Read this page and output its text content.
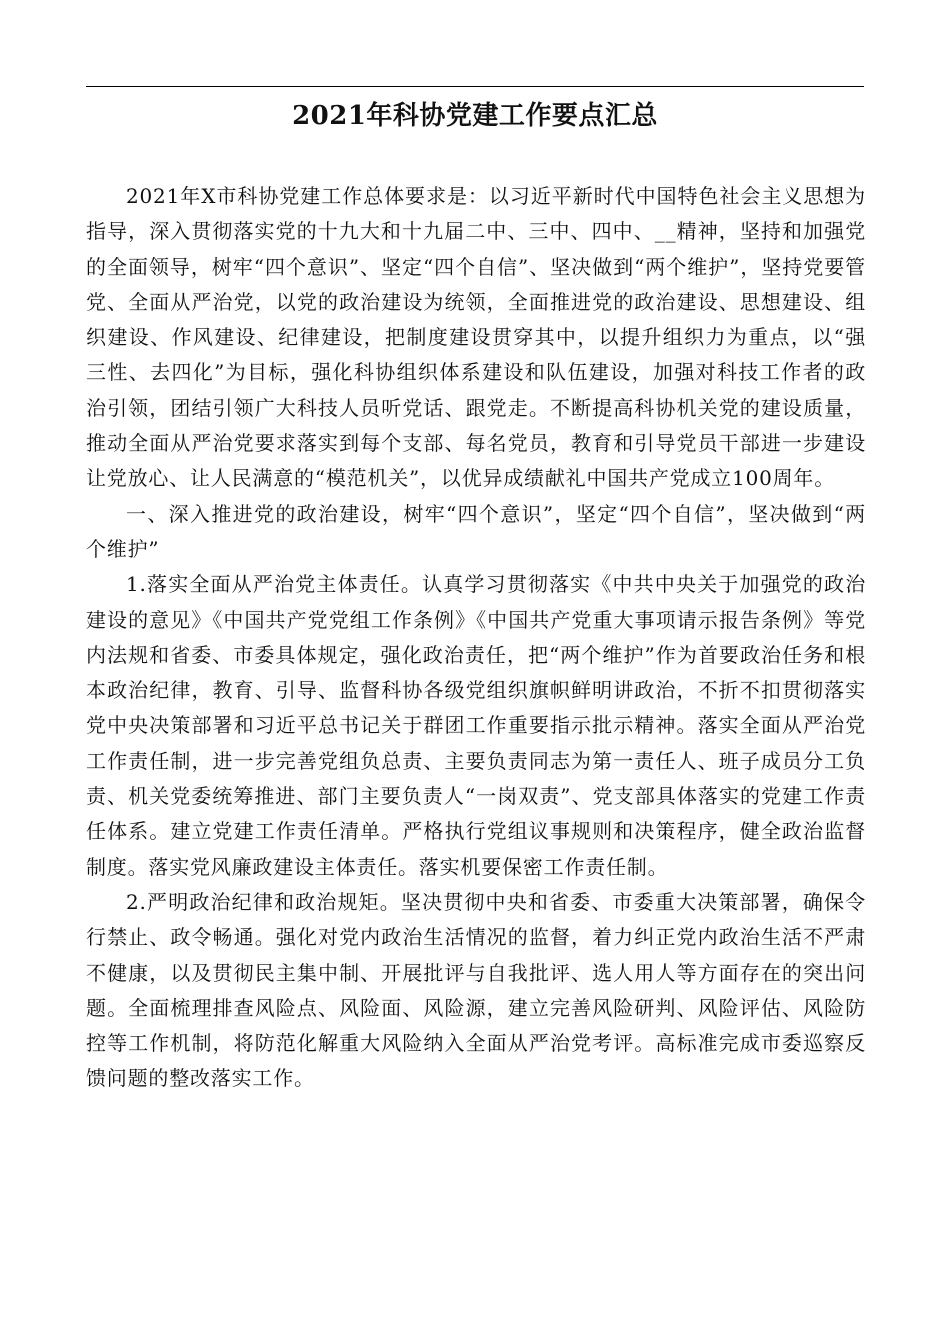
2021年科协党建工作要点汇总

2021年X市科协党建工作总体要求是：以习近平新时代中国特色社会主义思想为指导，深入贯彻落实党的十九大和十九届二中、三中、四中、__精神，坚持和加强党的全面领导，树牢“四个意识”、坚定“四个自信”、坚决做到“两个维护”，坚持党要管党、全面从严治党，以党的政治建设为统领，全面推进党的政治建设、思想建设、组织建设、作风建设、纪律建设，把制度建设贯穿其中，以提升组织力为重点，以“强三性、去四化”为目标，强化科协组织体系建设和队伍建设，加强对科技工作者的政治引领，团结引领广大科技人员听党话、跟党走。不断提高科协机关党的建设质量，推动全面从严治党要求落实到每个支部、每名党员，教育和引导党员干部进一步建设让党放心、让人民满意的“模范机关”，以优异成绩献礼中国共产党成立100周年。

一、深入推进党的政治建设，树牢“四个意识”，坚定“四个自信”，坚决做到“两个维护”

1.落实全面从严治党主体责任。认真学习贯彻落实《中共中央关于加强党的政治建设的意见》《中国共产党党组工作条例》《中国共产党重大事项请示报告条例》等党内法规和省委、市委具体规定，强化政治责任，把“两个维护”作为首要政治任务和根本政治纪律，教育、引导、监督科协各级党组织旗帜鲜明讲政治，不折不扣贯彻落实党中央决策部署和习近平总书记关于群团工作重要指示批示精神。落实全面从严治党工作责任制，进一步完善党组负总责、主要负责同志为第一责任人、班子成员分工负责、机关党委统筹推进、部门主要负责人“一岗双责”、党支部具体落实的党建工作责任体系。建立党建工作责任清单。严格执行党组议事规则和决策程序，健全政治监督制度。落实党风廉政建设主体责任。落实机要保密工作责任制。

2.严明政治纪律和政治规矩。坚决贯彻中央和省委、市委重大决策部署，确保令行禁止、政令畅通。强化对党内政治生活情况的监督，着力纠正党内政治生活不严肃不健康，以及贯彻民主集中制、开展批评与自我批评、选人用人等方面存在的突出问题。全面梳理排查风险点、风险面、风险源，建立完善风险研判、风险评估、风险防控等工作机制，将防范化解重大风险纳入全面从严治党考评。高标准完成市委巡察反馈问题的整改落实工作。
